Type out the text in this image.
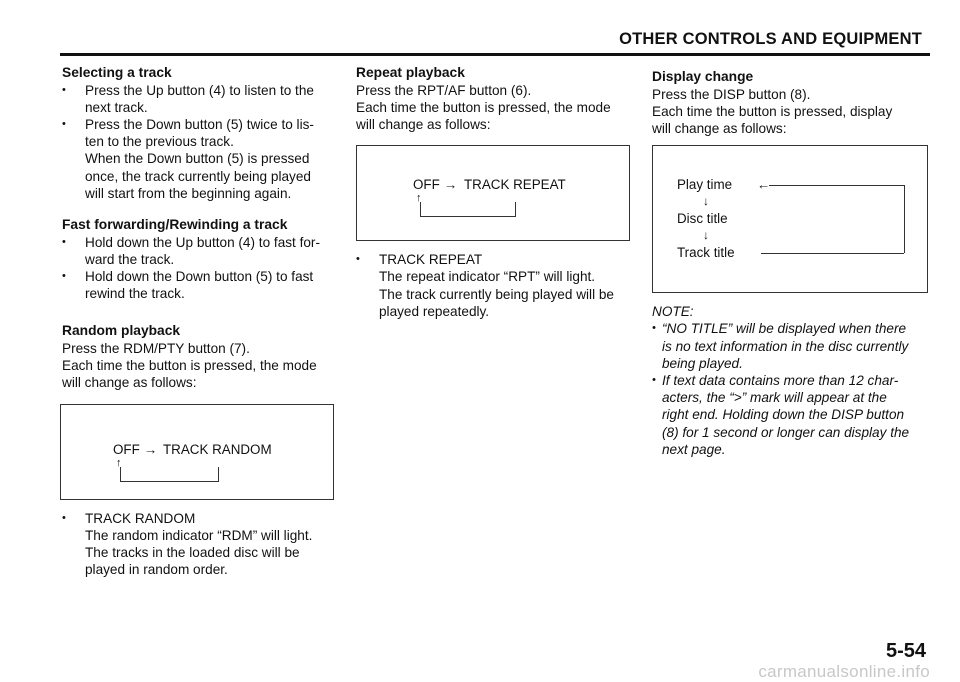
OTHER CONTROLS AND EQUIPMENT
Selecting a track
• Press the Up button (4) to listen to the
next track.
• Press the Down button (5) twice to lis-
ten to the previous track.
When the Down button (5) is pressed
once, the track currently being played
will start from the beginning again.
Fast forwarding/Rewinding a track
• Hold down the Up button (4) to fast for-
ward the track.
• Hold down the Down button (5) to fast
rewind the track.
Random playback

Press the RDM/PTY button (7).

Each time the button is pressed, the mode

will change as follows:

OFF → TRACK RANDOM
↑
• TRACK RANDOM
The random indicator “RDM” will light.
The tracks in the loaded disc will be
played in random order.
Repeat playback

Press the RPT/AF button (6).

Each time the button is pressed, the mode

will change as follows:

OFF → TRACK REPEAT
↑
• TRACK REPEAT
The repeat indicator “RPT” will light.
The track currently being played will be
played repeatedly.
Display change

Press the DISP button (8).

Each time the button is pressed, display

will change as follows:

Play time
↓
Disc title
↓
Track title
←
NOTE:
• “NO TITLE” will be displayed when there
is no text information in the disc currently
being played.
• If text data contains more than 12 char-
acters, the “>” mark will appear at the
right end. Holding down the DISP button
(8) for 1 second or longer can display the
next page.
5-54
carmanualsonline.info
